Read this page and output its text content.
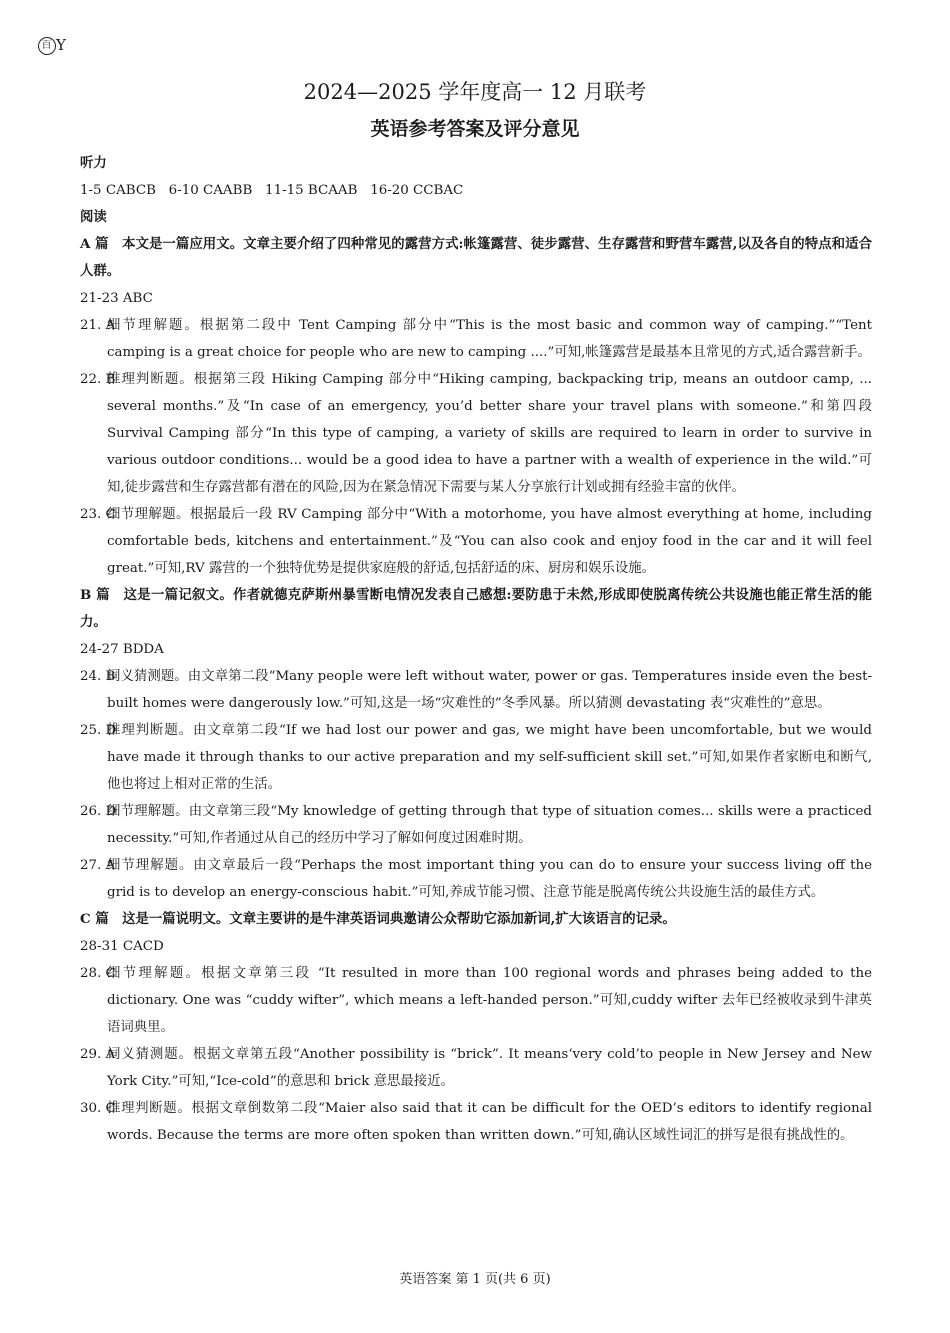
百 Y
2024—2025 学年度高一 12 月联考
英语参考答案及评分意见
听力
1-5 CABCB   6-10 CAABB   11-15 BCAAB   16-20 CCBAC
阅读
A 篇　本文是一篇应用文。文章主要介绍了四种常见的露营方式:帐篷露营、徒步露营、生存露营和野营车露营,以及各自的特点和适合人群。
21-23 ABC
21. A
细节理解题。根据第二段中 Tent Camping 部分中“This is the most basic and common way of camping.”“Tent camping is a great choice for people who are new to camping ....”可知,帐篷露营是最基本且常见的方式,适合露营新手。
22. B
推理判断题。根据第三段 Hiking Camping 部分中“Hiking camping, backpacking trip, means an outdoor camp, ... several months.”及“In case of an emergency, you’d better share your travel plans with someone.”和第四段 Survival Camping 部分“In this type of camping, a variety of skills are required to learn in order to survive in various outdoor conditions... would be a good idea to have a partner with a wealth of experience in the wild.”可知,徒步露营和生存露营都有潜在的风险,因为在紧急情况下需要与某人分享旅行计划或拥有经验丰富的伙伴。
23. C
细节理解题。根据最后一段 RV Camping 部分中“With a motorhome, you have almost everything at home, including comfortable beds, kitchens and entertainment.”及“You can also cook and enjoy food in the car and it will feel great.”可知,RV 露营的一个独特优势是提供家庭般的舒适,包括舒适的床、厨房和娱乐设施。
B 篇　这是一篇记叙文。作者就德克萨斯州暴雪断电情况发表自己感想:要防患于未然,形成即使脱离传统公共设施也能正常生活的能力。
24-27 BDDA
24. B
词义猜测题。由文章第二段“Many people were left without water, power or gas. Temperatures inside even the best-built homes were dangerously low.”可知,这是一场“灾难性的”冬季风暴。所以猜测 devastating 表“灾难性的”意思。
25. D
推理判断题。由文章第二段“If we had lost our power and gas, we might have been uncomfortable, but we would have made it through thanks to our active preparation and my self-sufficient skill set.”可知,如果作者家断电和断气,他也将过上相对正常的生活。
26. D
细节理解题。由文章第三段“My knowledge of getting through that type of situation comes... skills were a practiced necessity.”可知,作者通过从自己的经历中学习了解如何度过困难时期。
27. A
细节理解题。由文章最后一段“Perhaps the most important thing you can do to ensure your success living off the grid is to develop an energy-conscious habit.”可知,养成节能习惯、注意节能是脱离传统公共设施生活的最佳方式。
C 篇　这是一篇说明文。文章主要讲的是牛津英语词典邀请公众帮助它添加新词,扩大该语言的记录。
28-31 CACD
28. C
细节理解题。根据文章第三段 “It resulted in more than 100 regional words and phrases being added to the dictionary. One was “cuddy wifter”, which means a left-handed person.”可知,cuddy wifter 去年已经被收录到牛津英语词典里。
29. A
词义猜测题。根据文章第五段“Another possibility is “brick”. It means‘very cold’to people in New Jersey and New York City.”可知,“Ice-cold”的意思和 brick 意思最接近。
30. C
推理判断题。根据文章倒数第二段“Maier also said that it can be difficult for the OED’s editors to identify regional words. Because the terms are more often spoken than written down.”可知,确认区域性词汇的拼写是很有挑战性的。
英语答案 第 1 页(共 6 页)
